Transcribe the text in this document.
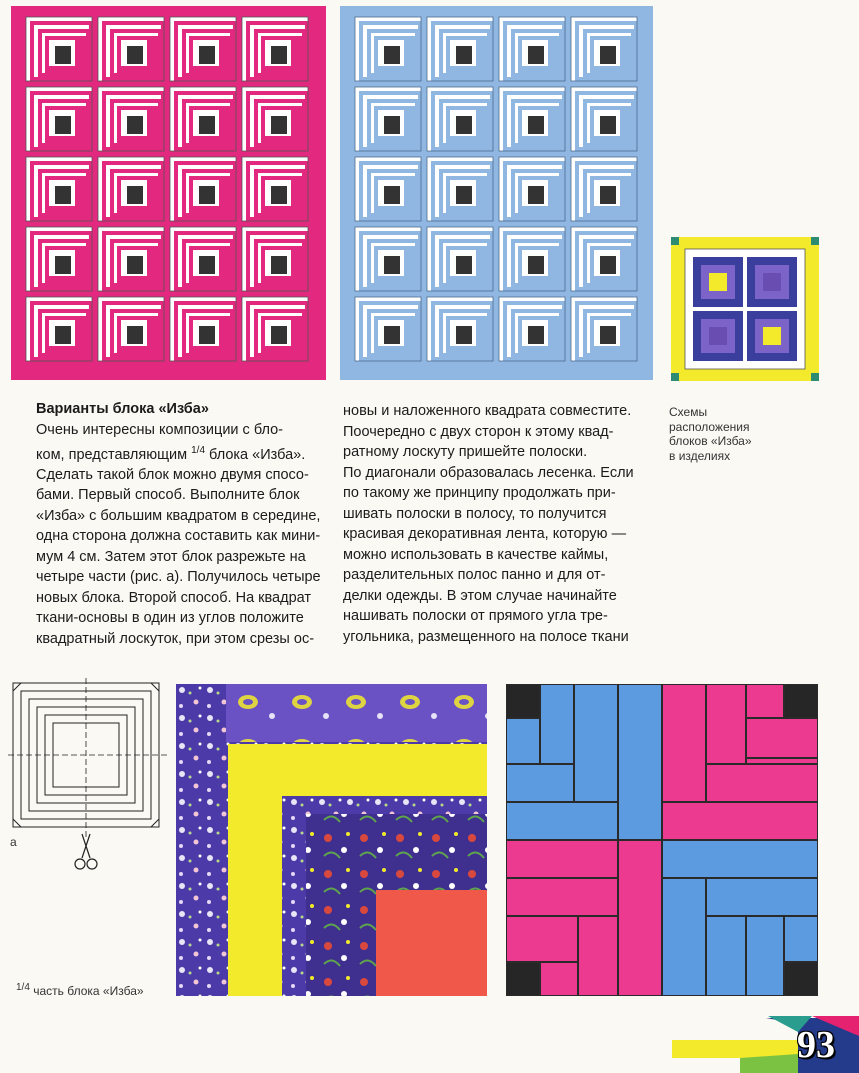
Схемы
расположения
блоков «Изба»
в изделиях
Варианты блока «Изба»

Очень интересны композиции с бло-

ком, представляющим $^{1/4}$ блока «Изба».

Сделать такой блок можно двумя спосо-

бами. Первый способ. Выполните блок

«Изба» с большим квадратом в середине,

одна сторона должна составить как мини-

мум 4 см. Затем этот блок разрежьте на

четыре части (рис. а). Получилось четыре

новых блока. Второй способ. На квадрат

ткани-основы в один из углов положите

квадратный лоскуток, при этом срезы ос-

новы и наложенного квадрата совместите.

Поочередно с двух сторон к этому квад-

ратному лоскуту пришейте полоски.

По диагонали образовалась лесенка. Если

по такому же принципу продолжать при-

шивать полоски в полосу, то получится

красивая декоративная лента, которую —

можно использовать в качестве каймы,

разделительных полос панно и для от-

делки одежды. В этом случае начинайте

нашивать полоски от прямого угла тре-

угольника, размещенного на полосе ткани

а
$^{1/4}$ часть блока «Изба»
93
